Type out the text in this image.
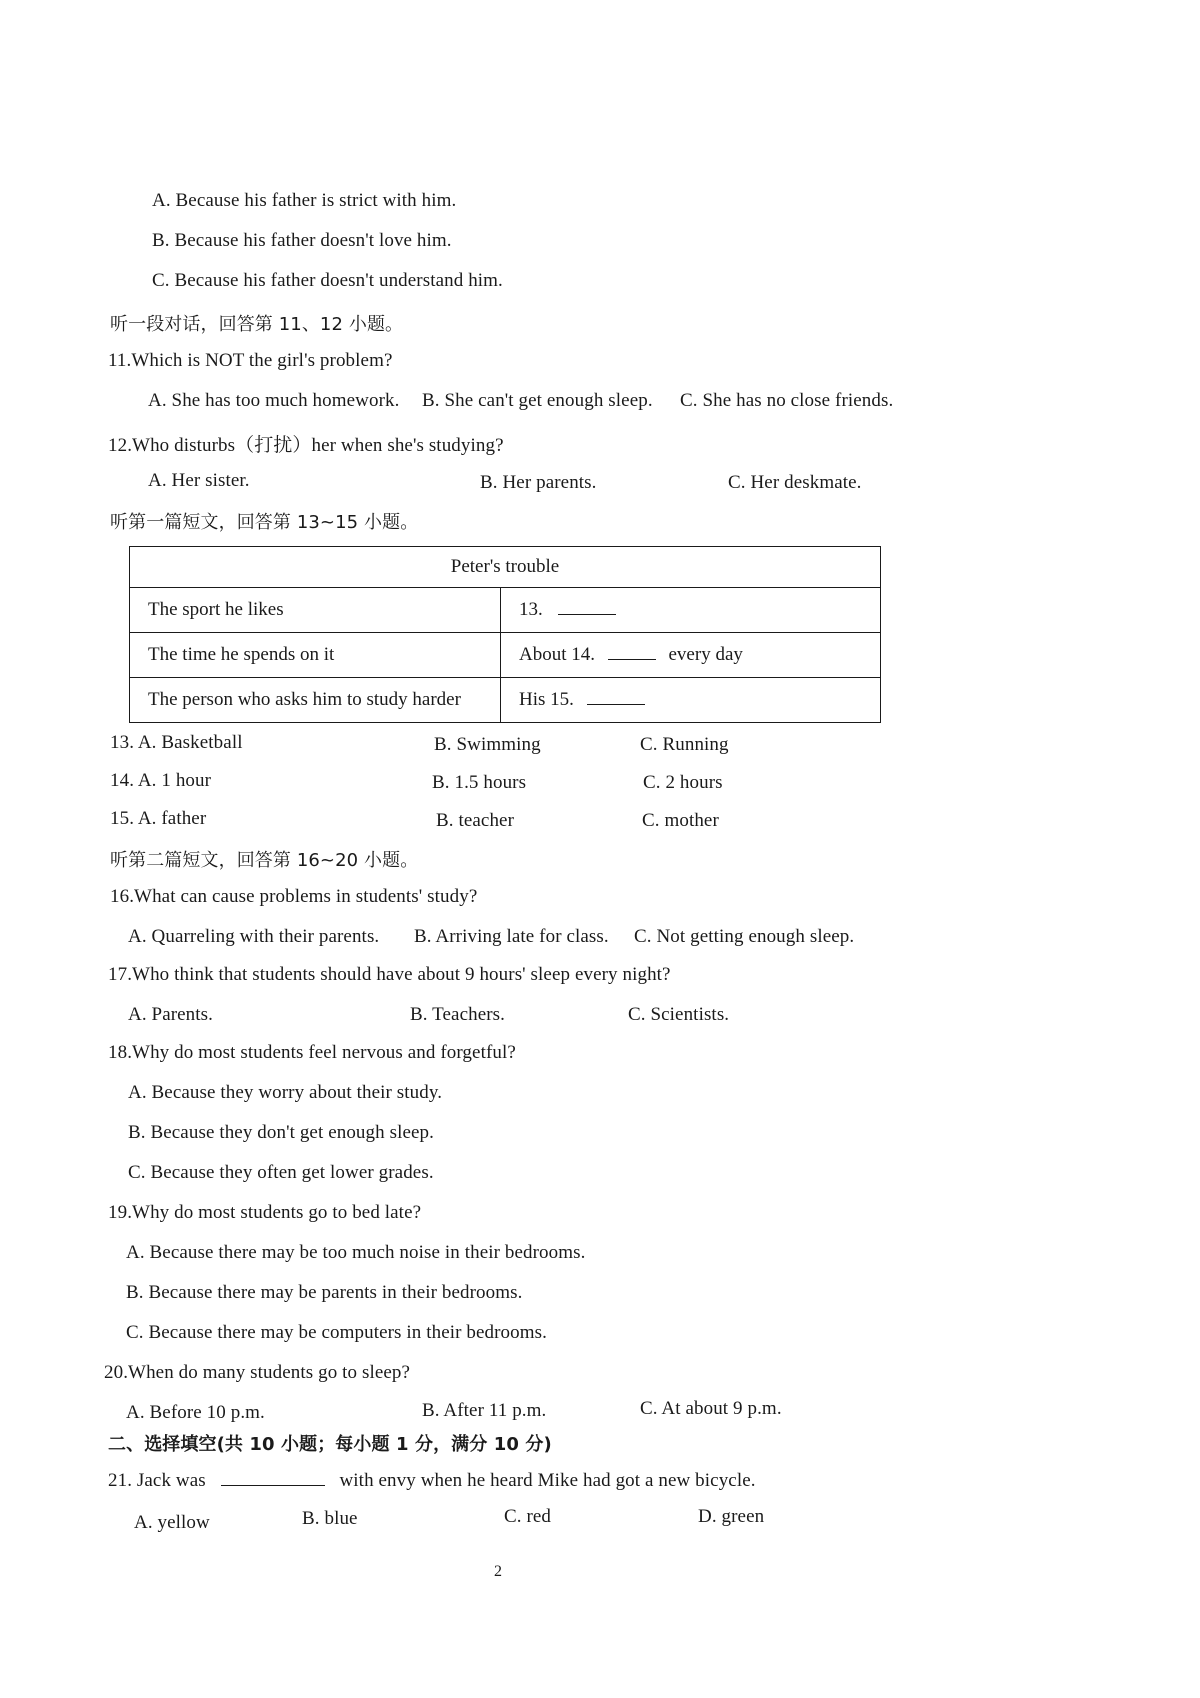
A. Because his father is strict with him.
B. Because his father doesn't love him.
C. Because his father doesn't understand him.
听一段对话，回答第 11、12 小题。
11.Which is NOT the girl's problem?
A. She has too much homework. B. She can't get enough sleep. C. She has no close friends.
12.Who disturbs（打扰）her when she's studying?
A. Her sister.	B. Her parents.	C. Her deskmate.
听第一篇短文，回答第 13~15 小题。
Peter's trouble	
The sport he likes	13.
The time he spends on it	About 14. every day
The person who asks him to study harder	His 15.
13. A. Basketball	B. Swimming	C. Running
14. A. 1 hour	B. 1.5 hours	C. 2 hours
15. A. father	B. teacher	C. mother
听第二篇短文，回答第 16~20 小题。
16.What can cause problems in students' study?
A. Quarreling with their parents. B. Arriving late for class. C. Not getting enough sleep.
17.Who think that students should have about 9 hours' sleep every night?
A. Parents.	B. Teachers.	C. Scientists.
18.Why do most students feel nervous and forgetful?
A. Because they worry about their study.
B. Because they don't get enough sleep.
C. Because they often get lower grades.
19.Why do most students go to bed late?
A. Because there may be too much noise in their bedrooms.
B. Because there may be parents in their bedrooms.
C. Because there may be computers in their bedrooms.
20.When do many students go to sleep?
A. Before 10 p.m.	B. After 11 p.m.	C. At about 9 p.m.
二、选择填空(共 10 小题；每小题 1 分，满分 10 分)
21. Jack was	with envy when he heard Mike had got a new bicycle.
A. yellow	B. blue	C. red	D. green
2
